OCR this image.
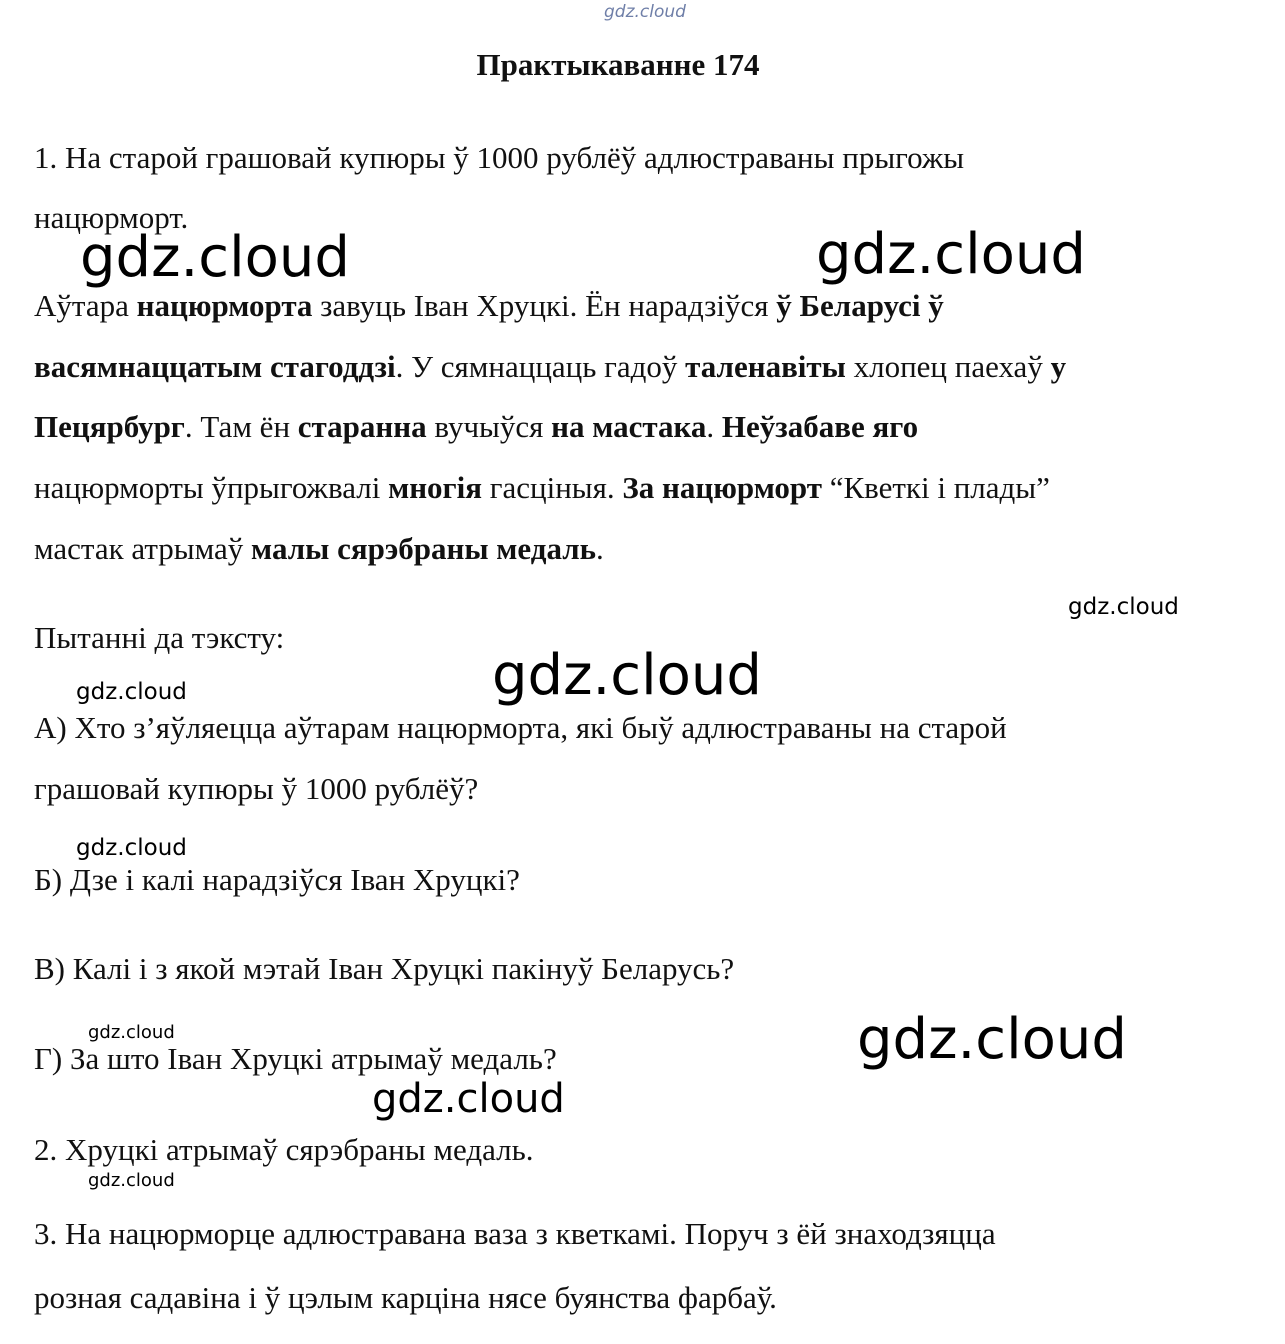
gdz.cloud
Практыкаванне 174
1. На старой грашовай купюры ў 1000 рублёў адлюстраваны прыгожы
нацюрморт.
Аўтара нацюрморта завуць Іван Хруцкі. Ён нарадзіўся ў Беларусі ў
васямнаццатым стагоддзі. У сямнаццаць гадоў таленавіты хлопец паехаў у
Пецярбург. Там ён старанна вучыўся на мастака. Неўзабаве яго
нацюрморты ўпрыгожвалі многія гасціныя. За нацюрморт “Кветкі і плады”
мастак атрымаў малы сярэбраны медаль.
Пытанні да тэксту:
А) Хто з’яўляецца аўтарам нацюрморта, які быў адлюстраваны на старой
грашовай купюры ў 1000 рублёў?
Б) Дзе і калі нарадзіўся Іван Хруцкі?
В) Калі і з якой мэтай Іван Хруцкі пакінуў Беларусь?
Г) За што Іван Хруцкі атрымаў медаль?
2. Хруцкі атрымаў сярэбраны медаль.
3. На нацюрморце адлюстравана ваза з кветкамі. Поруч з ёй знаходзяцца
розная садавіна і ў цэлым карціна нясе буянства фарбаў.
gdz.cloud	gdz.cloud
gdz.cloud
gdz.cloud
gdz.cloud
gdz.cloud
gdz.cloud	gdz.cloud
gdz.cloud
gdz.cloud
